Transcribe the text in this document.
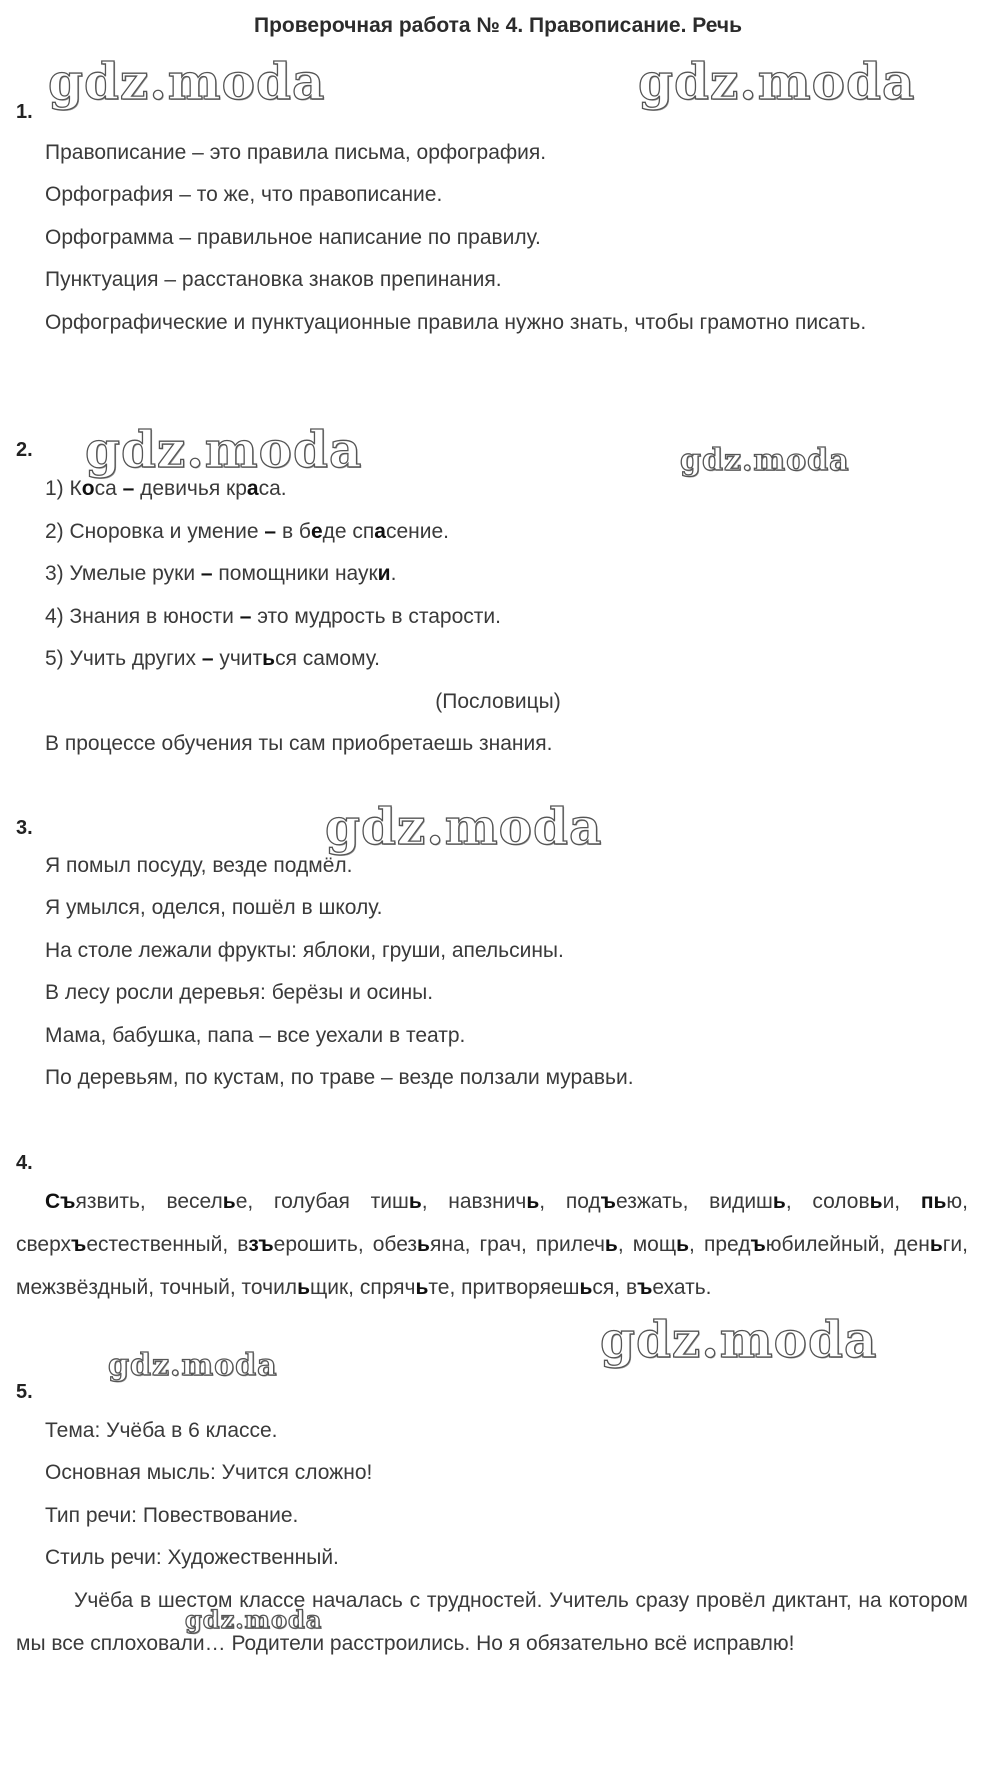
Проверочная работа № 4. Правописание. Речь
gdz.moda	gdz.moda
gdz.moda	gdz.moda
gdz.moda
gdz.moda
gdz.moda
gdz.moda
1.
Правописание – это правила письма, орфография.
Орфография – то же, что правописание.
Орфограмма – правильное написание по правилу.
Пунктуация – расстановка знаков препинания.
Орфографические и пунктуационные правила нужно знать, чтобы грамотно писать.
2.
1) Коса – девичья краса.
2) Сноровка и умение – в беде спасение.
3) Умелые руки – помощники науки.
4) Знания в юности – это мудрость в старости.
5) Учить других – учиться самому.
(Пословицы)
В процессе обучения ты сам приобретаешь знания.
3.
Я помыл посуду, везде подмёл.
Я умылся, оделся, пошёл в школу.
На столе лежали фрукты: яблоки, груши, апельсины.
В лесу росли деревья: берёзы и осины.
Мама, бабушка, папа – все уехали в театр.
По деревьям, по кустам, по траве – везде ползали муравьи.
4.
Съязвить, веселье, голубая тишь, навзничь, подъезжать, видишь, соловьи, пью, сверхъестественный, взъерошить, обезьяна, грач, прилечь, мощь, предъюбилейный, деньги, межзвёздный, точный, точильщик, спрячьте, притворяешься, въехать.
5.
Тема: Учёба в 6 классе.
Основная мысль: Учится сложно!
Тип речи: Повествование.
Стиль речи: Художественный.
Учёба в шестом классе началась с трудностей. Учитель сразу провёл диктант, на котором мы все сплоховали… Родители расстроились. Но я обязательно всё исправлю!
